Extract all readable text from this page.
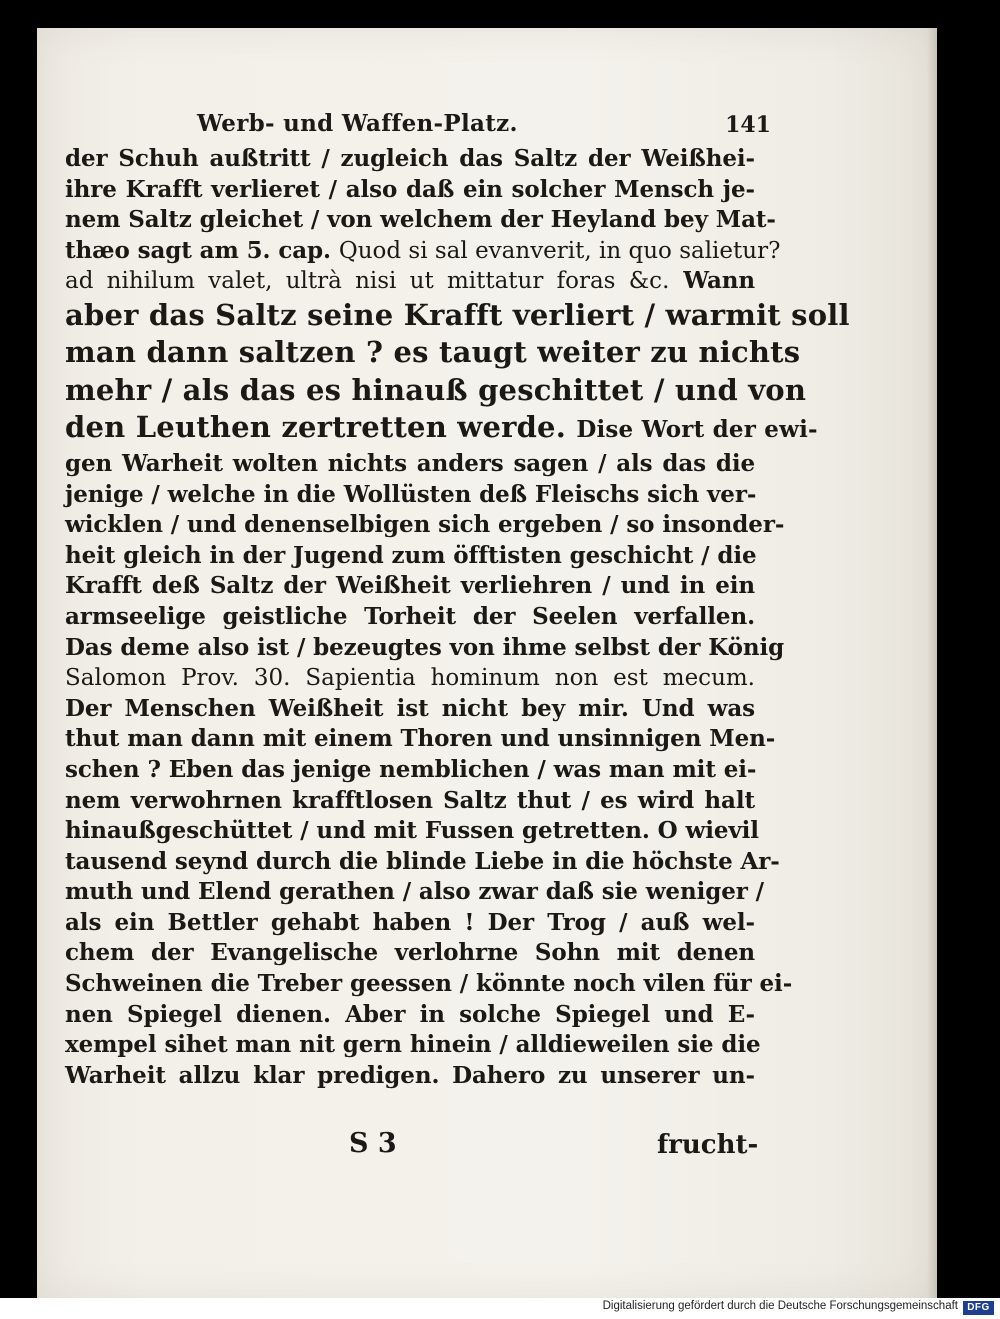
Werb- und Waffen-Platz.	141
der Schuh außtritt / zugleich das Saltz der Weißhei-
ihre Krafft verlieret / also daß ein solcher Mensch je-
nem Saltz gleichet / von welchem der Heyland bey Mat-
thæo sagt am 5. cap. Quod si sal evanverit, in quo salietur?
ad nihilum valet, ultrà nisi ut mittatur foras &c. Wann
aber das Saltz seine Krafft verliert / warmit soll
man dann saltzen ? es taugt weiter zu nichts
mehr / als das es hinauß geschittet / und von
den Leuthen zertretten werde. Dise Wort der ewi-
gen Warheit wolten nichts anders sagen / als das die
jenige / welche in die Wollüsten deß Fleischs sich ver-
wicklen / und denenselbigen sich ergeben / so insonder-
heit gleich in der Jugend zum öfftisten geschicht / die
Krafft deß Saltz der Weißheit verliehren / und in ein
armseelige geistliche Torheit der Seelen verfallen.
Das deme also ist / bezeugtes von ihme selbst der König
Salomon Prov. 30. Sapientia hominum non est mecum.
Der Menschen Weißheit ist nicht bey mir. Und was
thut man dann mit einem Thoren und unsinnigen Men-
schen ? Eben das jenige nemblichen / was man mit ei-
nem verwohrnen krafftlosen Saltz thut / es wird halt
hinaußgeschüttet / und mit Fussen getretten. O wievil
tausend seynd durch die blinde Liebe in die höchste Ar-
muth und Elend gerathen / also zwar daß sie weniger /
als ein Bettler gehabt haben ! Der Trog / auß wel-
chem der Evangelische verlohrne Sohn mit denen
Schweinen die Treber geessen / könnte noch vilen für ei-
nen Spiegel dienen. Aber in solche Spiegel und E-
xempel sihet man nit gern hinein / alldieweilen sie die
Warheit allzu klar predigen. Dahero zu unserer un-
S 3	frucht-
Digitalisierung gefördert durch die Deutsche Forschungsgemeinschaft DFG
